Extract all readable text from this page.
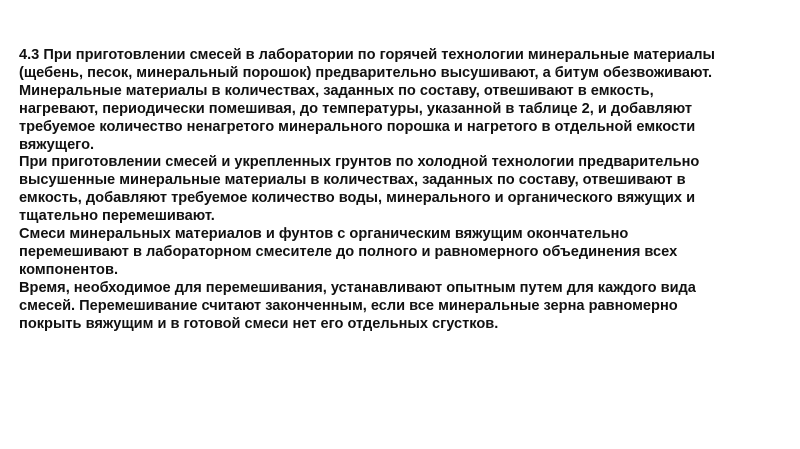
4.3 При приготовлении смесей в лаборатории по горячей технологии минеральные материалы
(щебень, песок, минеральный порошок) предварительно высушивают, а битум обезвоживают.
Минеральные материалы в количествах, заданных по составу, отвешивают в емкость,
нагревают, периодически помешивая, до температуры, указанной в таблице 2, и добавляют
требуемое количество ненагретого минерального порошка и нагретого в отдельной емкости
вяжущего.
При приготовлении смесей и укрепленных грунтов по холодной технологии предварительно
высушенные минеральные материалы в количествах, заданных по составу, отвешивают в
емкость, добавляют требуемое количество воды, минерального и органического вяжущих и
тщательно перемешивают.
Смеси минеральных материалов и фунтов с органическим вяжущим окончательно
перемешивают в лабораторном смесителе до полного и равномерного объединения всех
компонентов.
Время, необходимое для перемешивания, устанавливают опытным путем для каждого вида
смесей. Перемешивание считают законченным, если все минеральные зерна равномерно
покрыть вяжущим и в готовой смеси нет его отдельных сгустков.
